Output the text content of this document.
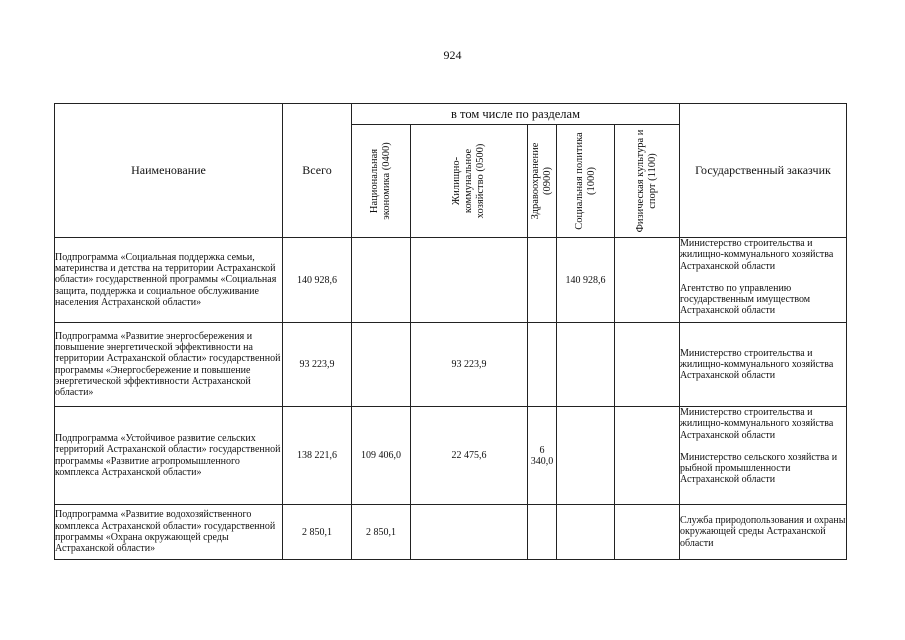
924
Наименование	Всего	в том числе по разделам					Государственный заказчик

		Национальная экономика (0400)	Жилищно-коммунальное хозяйство (0500)	Здравоохранение (0900)	Социальная политика (1000)	Физическая культура и спорт (1100)	

Подпрограмма «Социальная поддержка семьи, материнства и детства на территории Астраханской области» государственной программы «Социальная защита, поддержка и социальное обслуживание населения Астраханской области»	140 928,6				140 928,6		Министерство строительства и жилищно-коммунального хозяйства Астраханской области
Агентство по управлению государственным имуществом Астраханской области

Подпрограмма «Развитие энергосбережения и повышение энергетической эффективности на территории Астраханской области» государственной программы «Энергосбережение и повышение энергетической эффективности Астраханской области»	93 223,9		93 223,9				Министерство строительства и жилищно-коммунального хозяйства Астраханской области

Подпрограмма «Устойчивое развитие сельских территорий Астраханской области» государственной программы «Развитие агропромышленного комплекса Астраханской области»	138 221,6	109 406,0	22 475,6	6 340,0			Министерство строительства и жилищно-коммунального хозяйства Астраханской области
Министерство сельского хозяйства и рыбной промышленности Астраханской области

Подпрограмма «Развитие водохозяйственного комплекса Астраханской области» государственной программы «Охрана окружающей среды Астраханской области»	2 850,1	2 850,1					Служба природопользования и охраны окружающей среды Астраханской области
